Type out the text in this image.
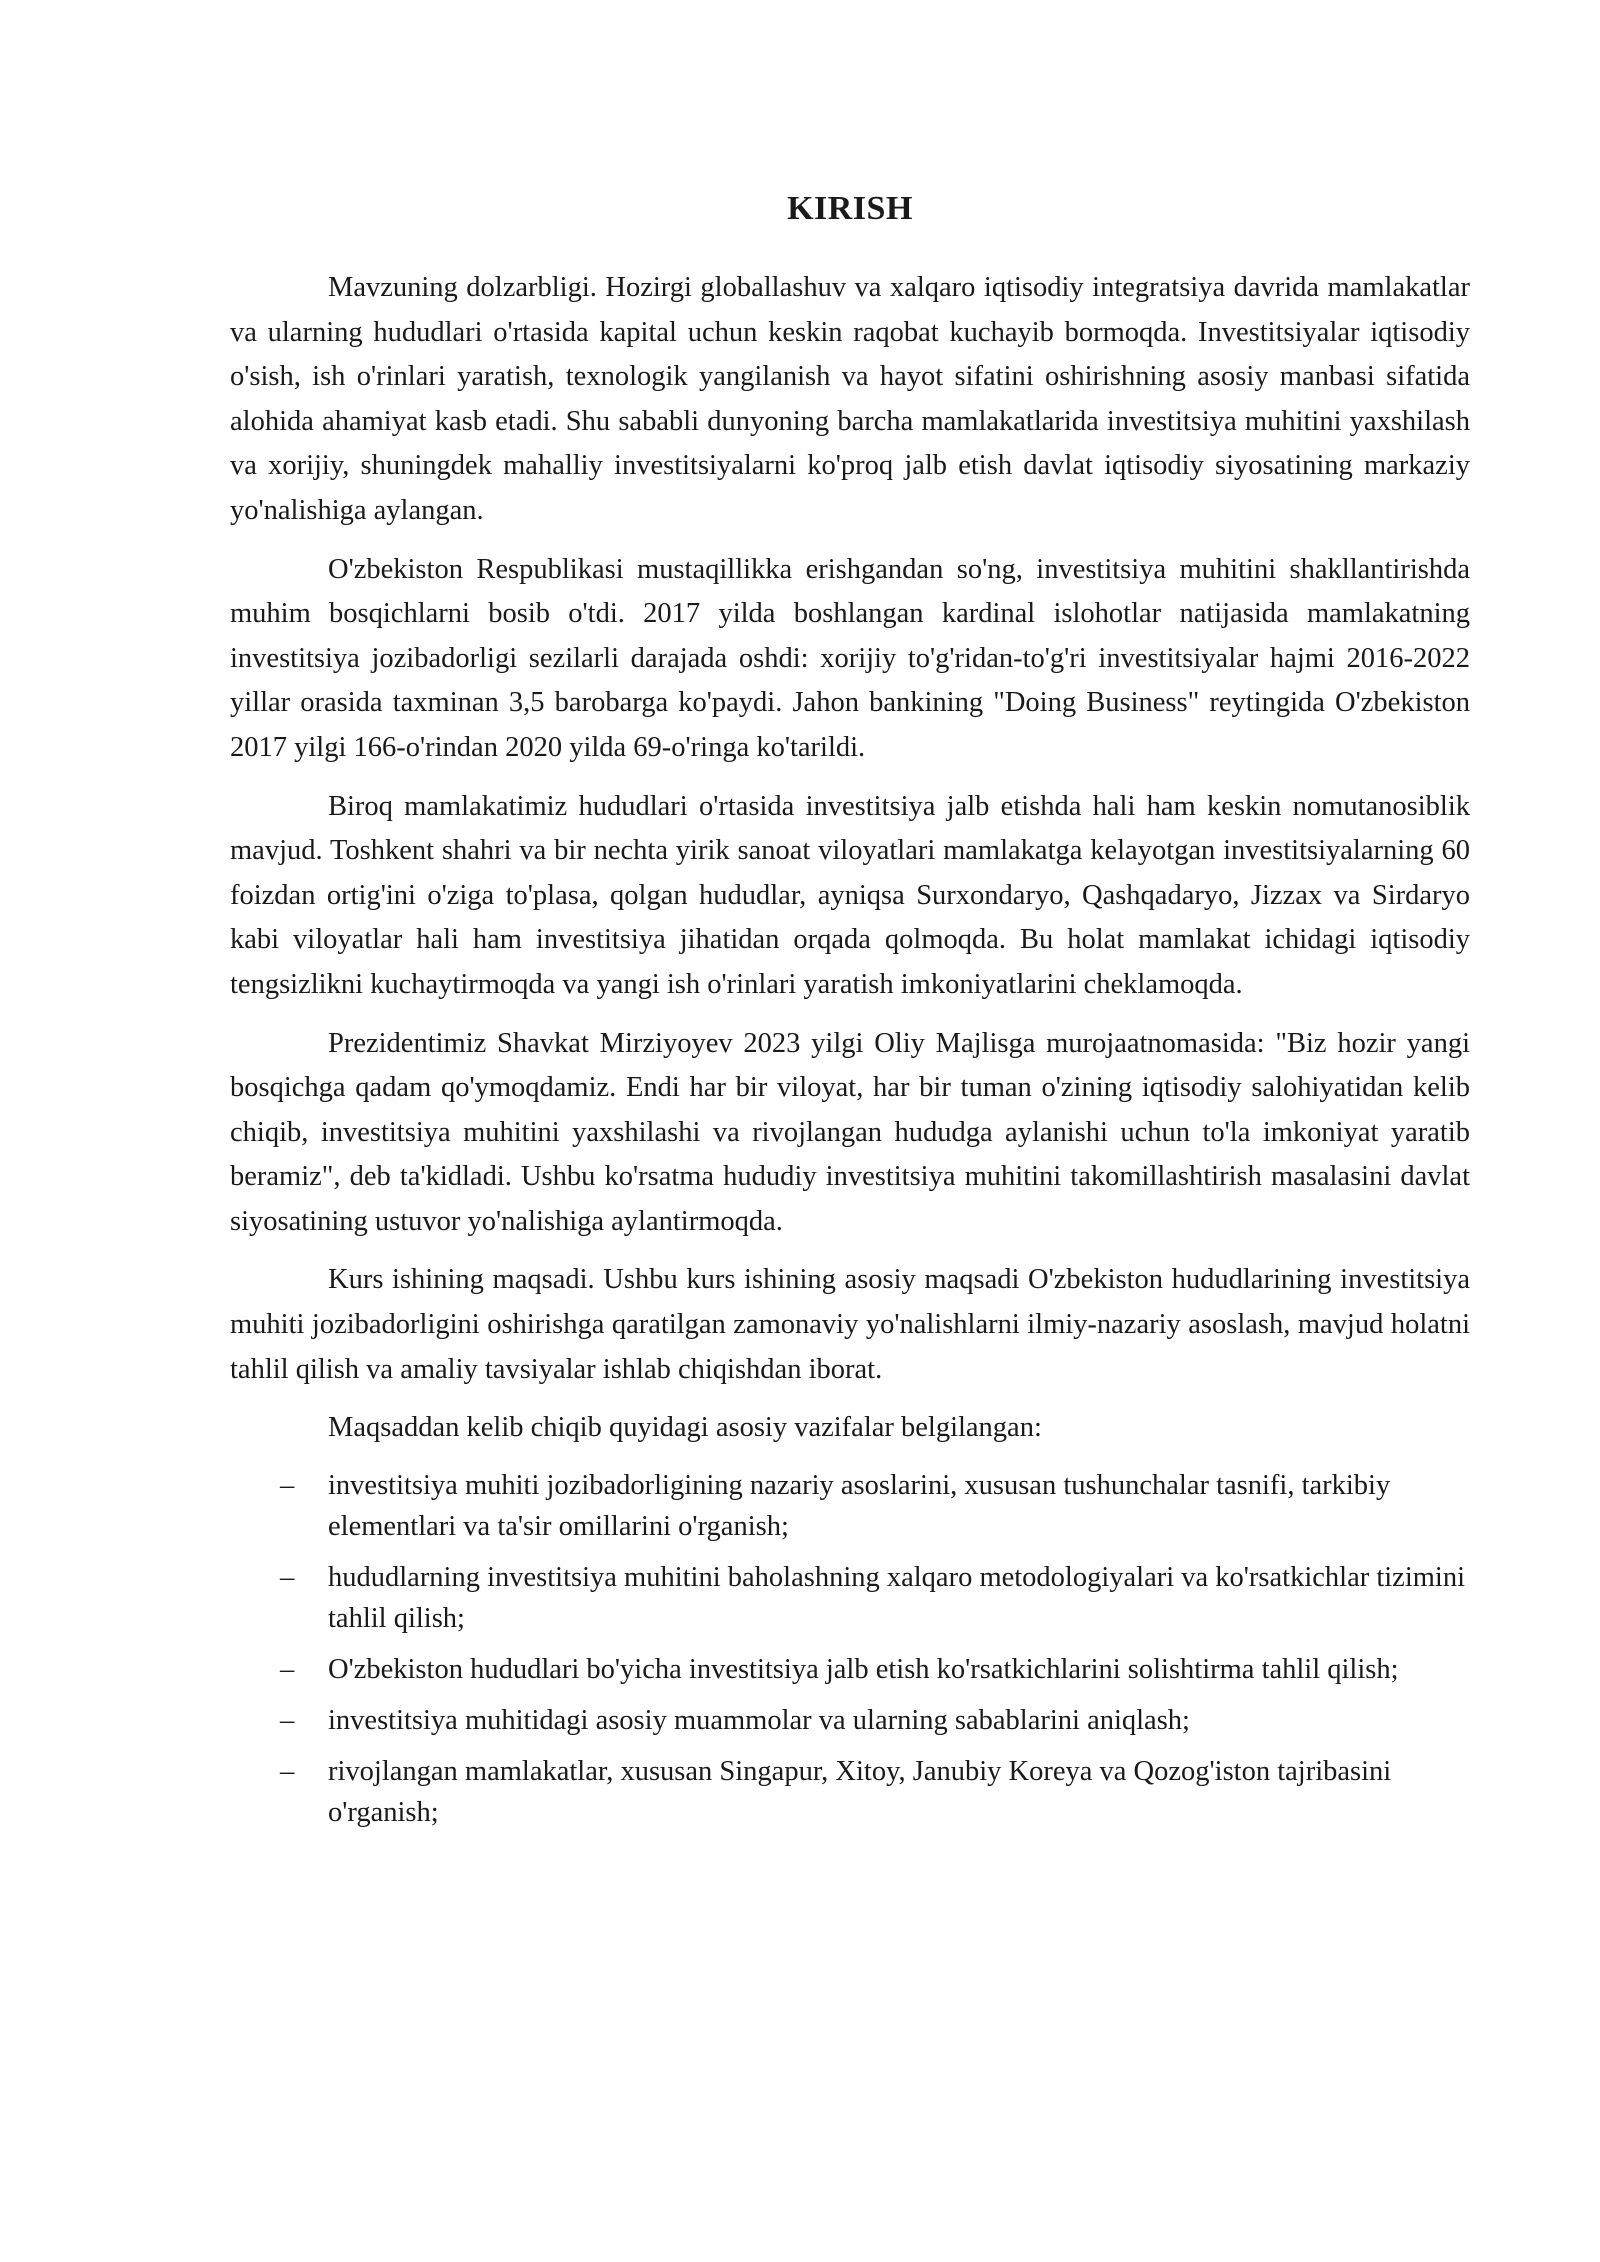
KIRISH

Mavzuning dolzarbligi. Hozirgi globallashuv va xalqaro iqtisodiy integratsiya davrida mamlakatlar va ularning hududlari o'rtasida kapital uchun keskin raqobat kuchayib bormoqda. Investitsiyalar iqtisodiy o'sish, ish o'rinlari yaratish, texnologik yangilanish va hayot sifatini oshirishning asosiy manbasi sifatida alohida ahamiyat kasb etadi. Shu sababli dunyoning barcha mamlakatlarida investitsiya muhitini yaxshilash va xorijiy, shuningdek mahalliy investitsiyalarni ko'proq jalb etish davlat iqtisodiy siyosatining markaziy yo'nalishiga aylangan.

O'zbekiston Respublikasi mustaqillikka erishgandan so'ng, investitsiya muhitini shakllantirishda muhim bosqichlarni bosib o'tdi. 2017 yilda boshlangan kardinal islohotlar natijasida mamlakatning investitsiya jozibadorligi sezilarli darajada oshdi: xorijiy to'g'ridan-to'g'ri investitsiyalar hajmi 2016-2022 yillar orasida taxminan 3,5 barobarga ko'paydi. Jahon bankining "Doing Business" reytingida O'zbekiston 2017 yilgi 166-o'rindan 2020 yilda 69-o'ringa ko'tarildi.

Biroq mamlakatimiz hududlari o'rtasida investitsiya jalb etishda hali ham keskin nomutanosiblik mavjud. Toshkent shahri va bir nechta yirik sanoat viloyatlari mamlakatga kelayotgan investitsiyalarning 60 foizdan ortig'ini o'ziga to'plasa, qolgan hududlar, ayniqsa Surxondaryo, Qashqadaryo, Jizzax va Sirdaryo kabi viloyatlar hali ham investitsiya jihatidan orqada qolmoqda. Bu holat mamlakat ichidagi iqtisodiy tengsizlikni kuchaytirmoqda va yangi ish o'rinlari yaratish imkoniyatlarini cheklamoqda.

Prezidentimiz Shavkat Mirziyoyev 2023 yilgi Oliy Majlisga murojaatnomasida: "Biz hozir yangi bosqichga qadam qo'ymoqdamiz. Endi har bir viloyat, har bir tuman o'zining iqtisodiy salohiyatidan kelib chiqib, investitsiya muhitini yaxshilashi va rivojlangan hududga aylanishi uchun to'la imkoniyat yaratib beramiz", deb ta'kidladi. Ushbu ko'rsatma hududiy investitsiya muhitini takomillashtirish masalasini davlat siyosatining ustuvor yo'nalishiga aylantirmoqda.

Kurs ishining maqsadi. Ushbu kurs ishining asosiy maqsadi O'zbekiston hududlarining investitsiya muhiti jozibadorligini oshirishga qaratilgan zamonaviy yo'nalishlarni ilmiy-nazariy asoslash, mavjud holatni tahlil qilish va amaliy tavsiyalar ishlab chiqishdan iborat.

Maqsaddan kelib chiqib quyidagi asosiy vazifalar belgilangan:

– investitsiya muhiti jozibadorligining nazariy asoslarini, xususan tushunchalar tasnifi, tarkibiy elementlari va ta'sir omillarini o'rganish;
– hududlarning investitsiya muhitini baholashning xalqaro metodologiyalari va ko'rsatkichlar tizimini tahlil qilish;
– O'zbekiston hududlari bo'yicha investitsiya jalb etish ko'rsatkichlarini solishtirma tahlil qilish;
– investitsiya muhitidagi asosiy muammolar va ularning sabablarini aniqlash;
– rivojlangan mamlakatlar, xususan Singapur, Xitoy, Janubiy Koreya va Qozog'iston tajribasini o'rganish;
